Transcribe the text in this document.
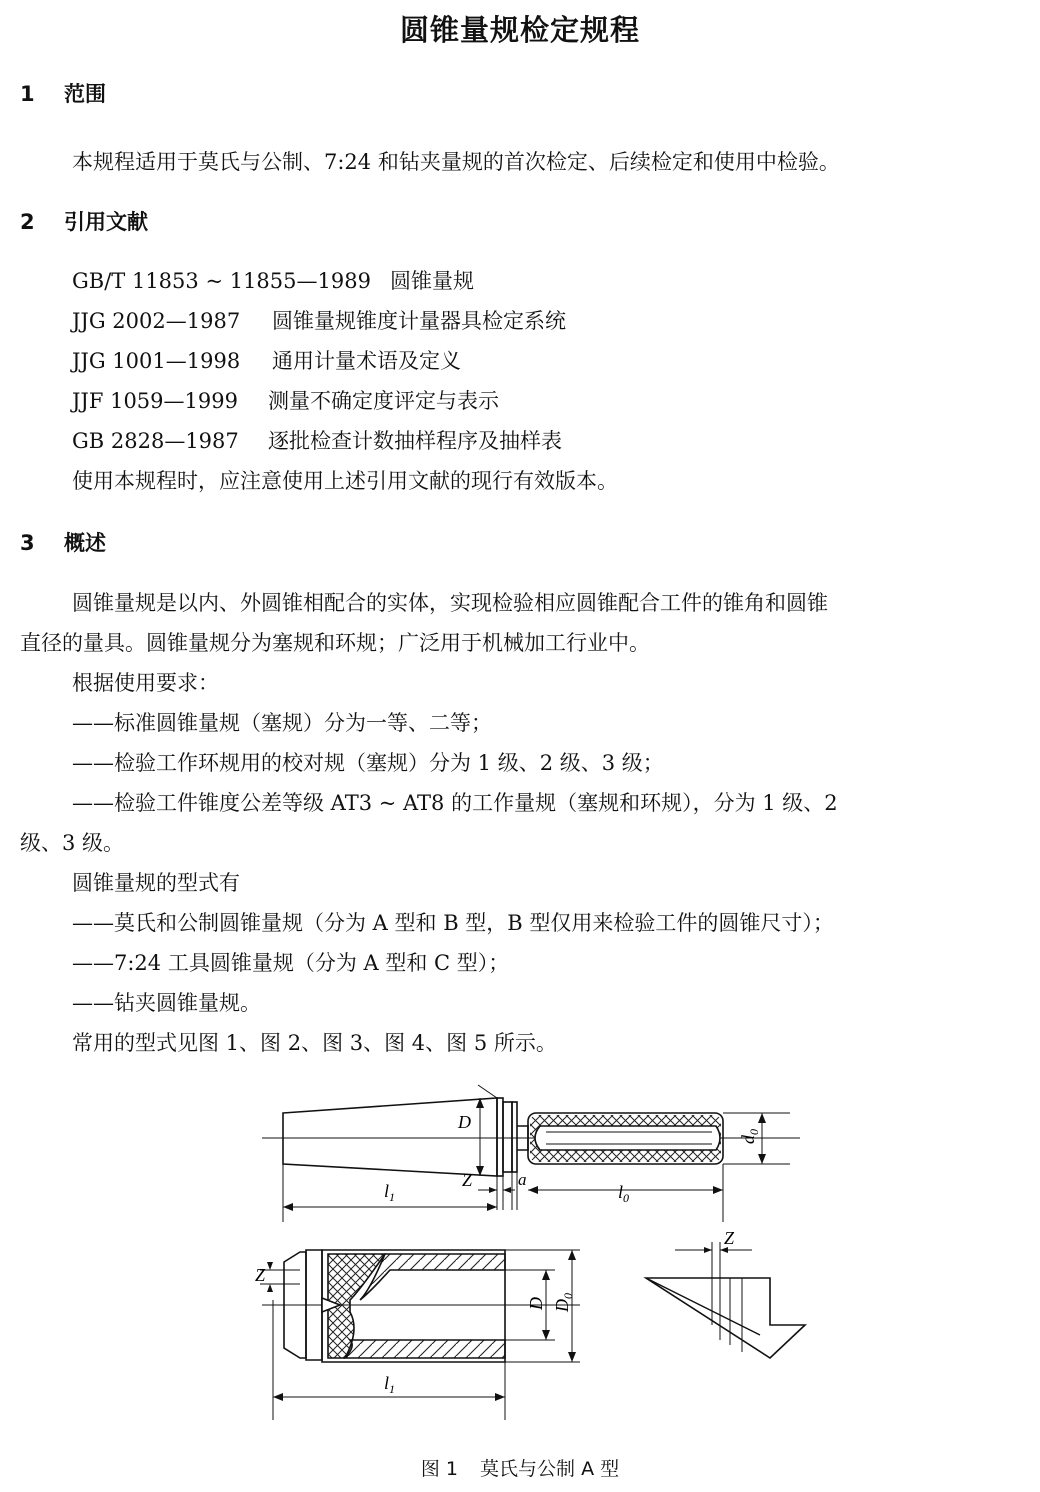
圆锥量规检定规程
1 范围
本规程适用于莫氏与公制、7:24 和钻夹量规的首次检定、后续检定和使用中检验。
2 引用文献
GB/T 11853 ~ 11855—1989 圆锥量规
JJG 2002—1987 圆锥量规锥度计量器具检定系统
JJG 1001—1998 通用计量术语及定义
JJF 1059—1999 测量不确定度评定与表示
GB 2828—1987 逐批检查计数抽样程序及抽样表
使用本规程时，应注意使用上述引用文献的现行有效版本。
3 概述
圆锥量规是以内、外圆锥相配合的实体，实现检验相应圆锥配合工件的锥角和圆锥
直径的量具。圆锥量规分为塞规和环规；广泛用于机械加工行业中。
根据使用要求：
——标准圆锥量规（塞规）分为一等、二等；
——检验工作环规用的校对规（塞规）分为 1 级、2 级、3 级；
——检验工件锥度公差等级 AT3 ~ AT8 的工作量规（塞规和环规），分为 1 级、2
级、3 级。
圆锥量规的型式有
——莫氏和公制圆锥量规（分为 A 型和 B 型，B 型仅用来检验工件的圆锥尺寸）；
——7:24 工具圆锥量规（分为 A 型和 C 型）；
——钻夹圆锥量规。
常用的型式见图 1、图 2、图 3、图 4、图 5 所示。
D
$d_0$
$l_1$
Z	a
$l_0$
Z
D $D_0$
$l_1$
Z
图 1 莫氏与公制 A 型
